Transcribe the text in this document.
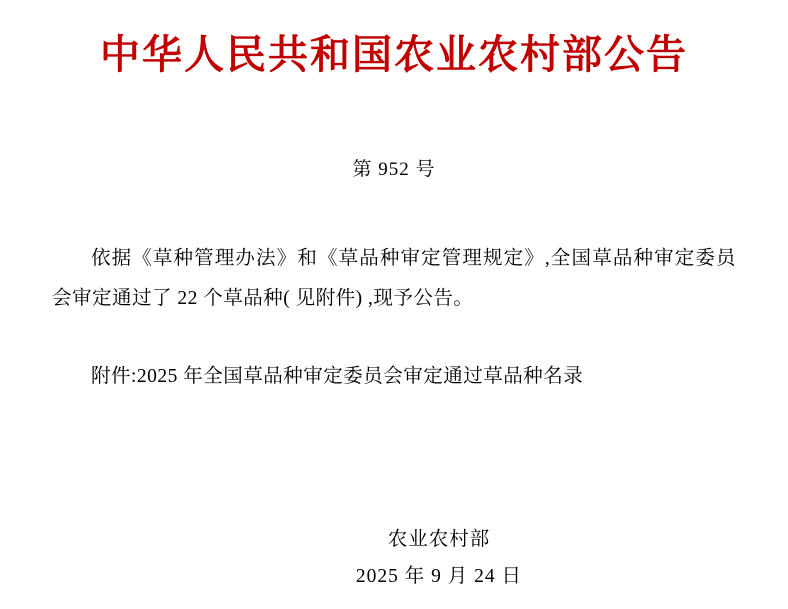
中华人民共和国农业农村部公告

第 952 号

依据《草种管理办法》和《草品种审定管理规定》,全国草品种审定委员会审定通过了 22 个草品种( 见附件) ,现予公告。

附件:2025 年全国草品种审定委员会审定通过草品种名录

农业农村部

2025 年 9 月 24 日
